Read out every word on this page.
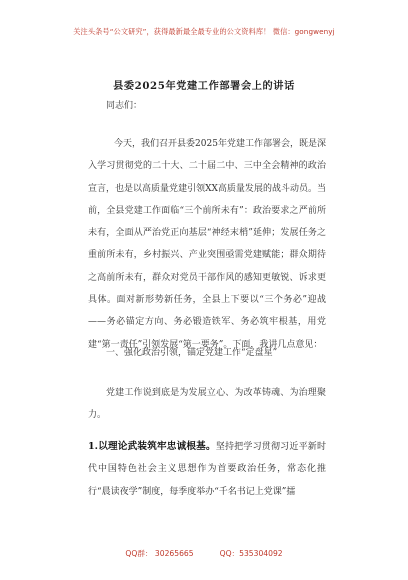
关注头条号“公文研究”，获得最新最全最专业的公文资料库！ 微信：gongwenyj
县委2025年党建工作部署会上的讲话
同志们：
今天，我们召开县委2025年党建工作部署会，既是深入学习贯彻党的二十大、二十届二中、三中全会精神的政治宣言，也是以高质量党建引领XX高质量发展的战斗动员。当前，全县党建工作面临“三个前所未有”：政治要求之严前所未有，全面从严治党正向基层“神经末梢”延伸；发展任务之重前所未有，乡村振兴、产业突围亟需党建赋能；群众期待之高前所未有，群众对党员干部作风的感知更敏锐、诉求更具体。面对新形势新任务，全县上下要以“三个务必”迎战——务必锚定方向、务必锻造铁军、务必筑牢根基，用党建“第一责任”引领发展“第一要务”。下面，我讲几点意见：
一、强化政治引领，锚定党建工作“定盘星”
党建工作说到底是为发展立心、为改革铸魂、为治理聚力。
1.以理论武装筑牢忠诚根基。坚持把学习贯彻习近平新时代中国特色社会主义思想作为首要政治任务，常态化推行“晨读夜学”制度，每季度举办“千名书记上党课”擂
QQ群： 30265665	QQ：535304092
